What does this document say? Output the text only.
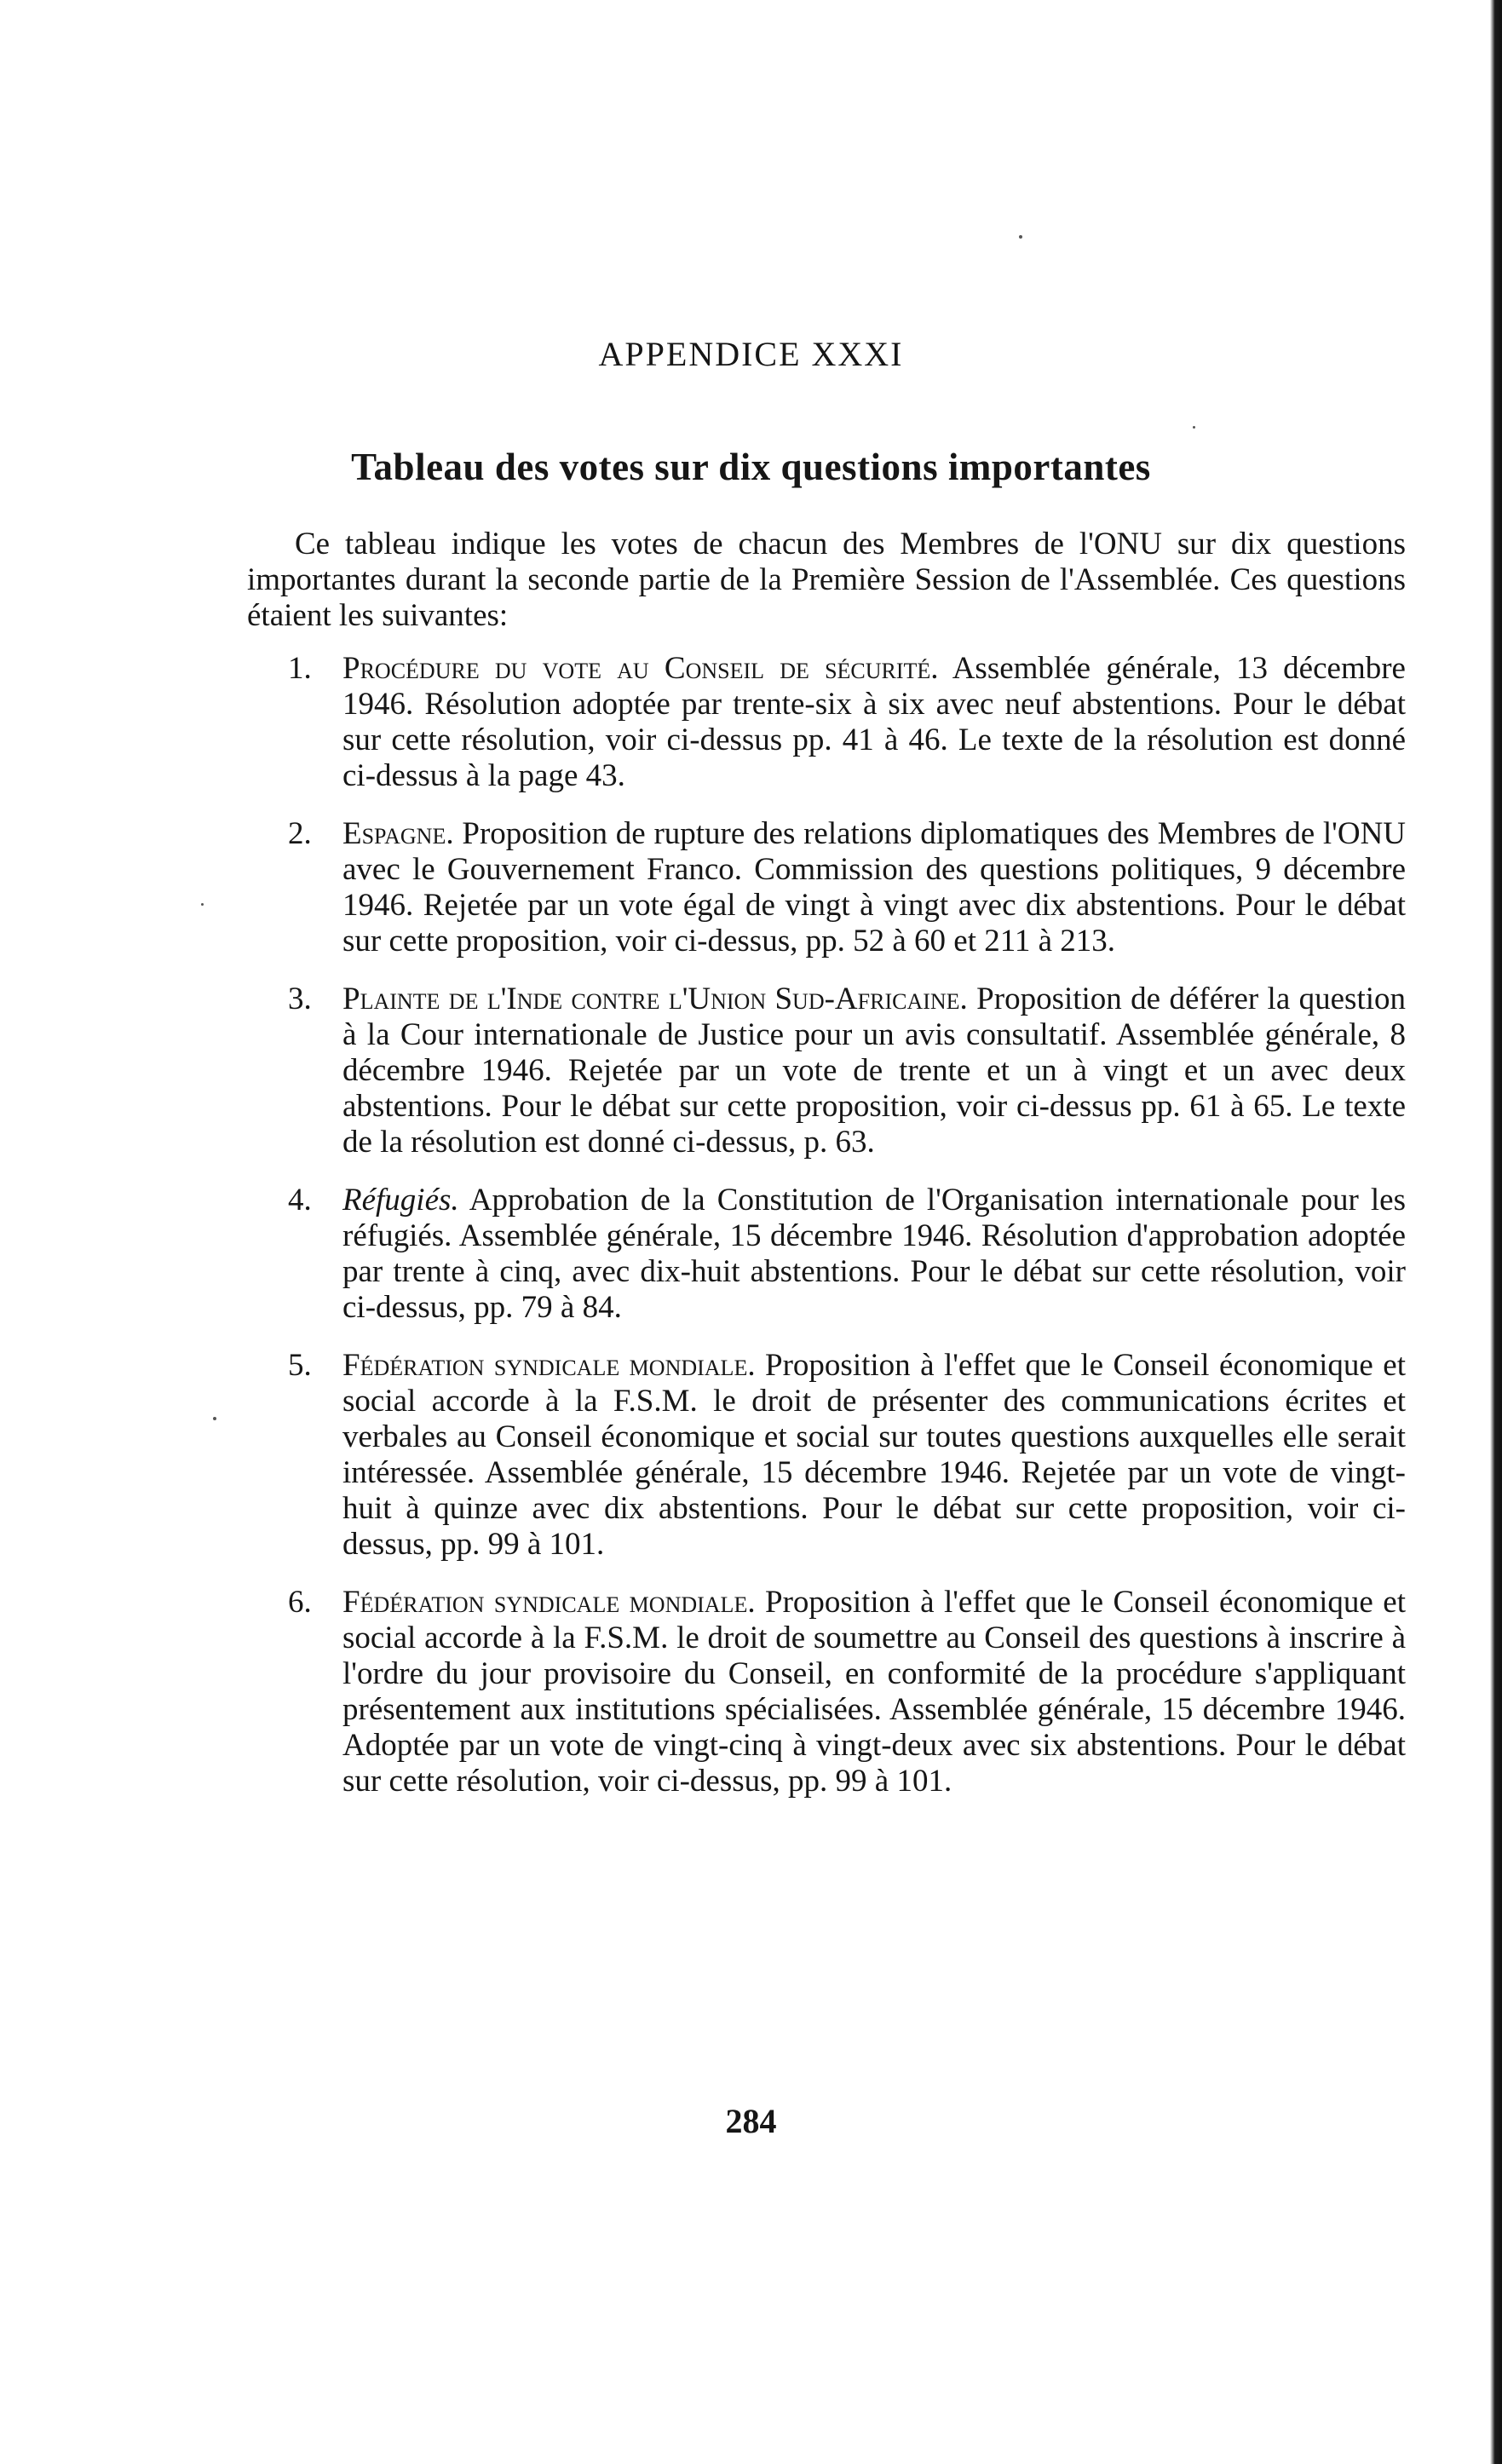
APPENDICE XXXI
Tableau des votes sur dix questions importantes

Ce tableau indique les votes de chacun des Membres de l'ONU sur dix questions importantes durant la seconde partie de la Première Session de l'Assemblée. Ces questions étaient les suivantes:

1. Procédure du vote au Conseil de sécurité. Assemblée générale, 13 décembre 1946. Résolution adoptée par trente-six à six avec neuf abstentions. Pour le débat sur cette résolution, voir ci-dessus pp. 41 à 46. Le texte de la résolution est donné ci-dessus à la page 43.

2. Espagne. Proposition de rupture des relations diplomatiques des Membres de l'ONU avec le Gouvernement Franco. Commission des questions politiques, 9 décembre 1946. Rejetée par un vote égal de vingt à vingt avec dix abstentions. Pour le débat sur cette proposition, voir ci-dessus, pp. 52 à 60 et 211 à 213.

3. Plainte de l'Inde contre l'Union Sud-Africaine. Proposition de déférer la question à la Cour internationale de Justice pour un avis consultatif. Assemblée générale, 8 décembre 1946. Rejetée par un vote de trente et un à vingt et un avec deux abstentions. Pour le débat sur cette proposition, voir ci-dessus pp. 61 à 65. Le texte de la résolution est donné ci-dessus, p. 63.

4. Réfugiés. Approbation de la Constitution de l'Organisation internationale pour les réfugiés. Assemblée générale, 15 décembre 1946. Résolution d'approbation adoptée par trente à cinq, avec dix-huit abstentions. Pour le débat sur cette résolution, voir ci-dessus, pp. 79 à 84.

5. Fédération syndicale mondiale. Proposition à l'effet que le Conseil économique et social accorde à la F.S.M. le droit de présenter des communications écrites et verbales au Conseil économique et social sur toutes questions auxquelles elle serait intéressée. Assemblée générale, 15 décembre 1946. Rejetée par un vote de vingt-huit à quinze avec dix abstentions. Pour le débat sur cette proposition, voir ci-dessus, pp. 99 à 101.

6. Fédération syndicale mondiale. Proposition à l'effet que le Conseil économique et social accorde à la F.S.M. le droit de soumettre au Conseil des questions à inscrire à l'ordre du jour provisoire du Conseil, en conformité de la procédure s'appliquant présentement aux institutions spécialisées. Assemblée générale, 15 décembre 1946. Adoptée par un vote de vingt-cinq à vingt-deux avec six abstentions. Pour le débat sur cette résolution, voir ci-dessus, pp. 99 à 101.

284
